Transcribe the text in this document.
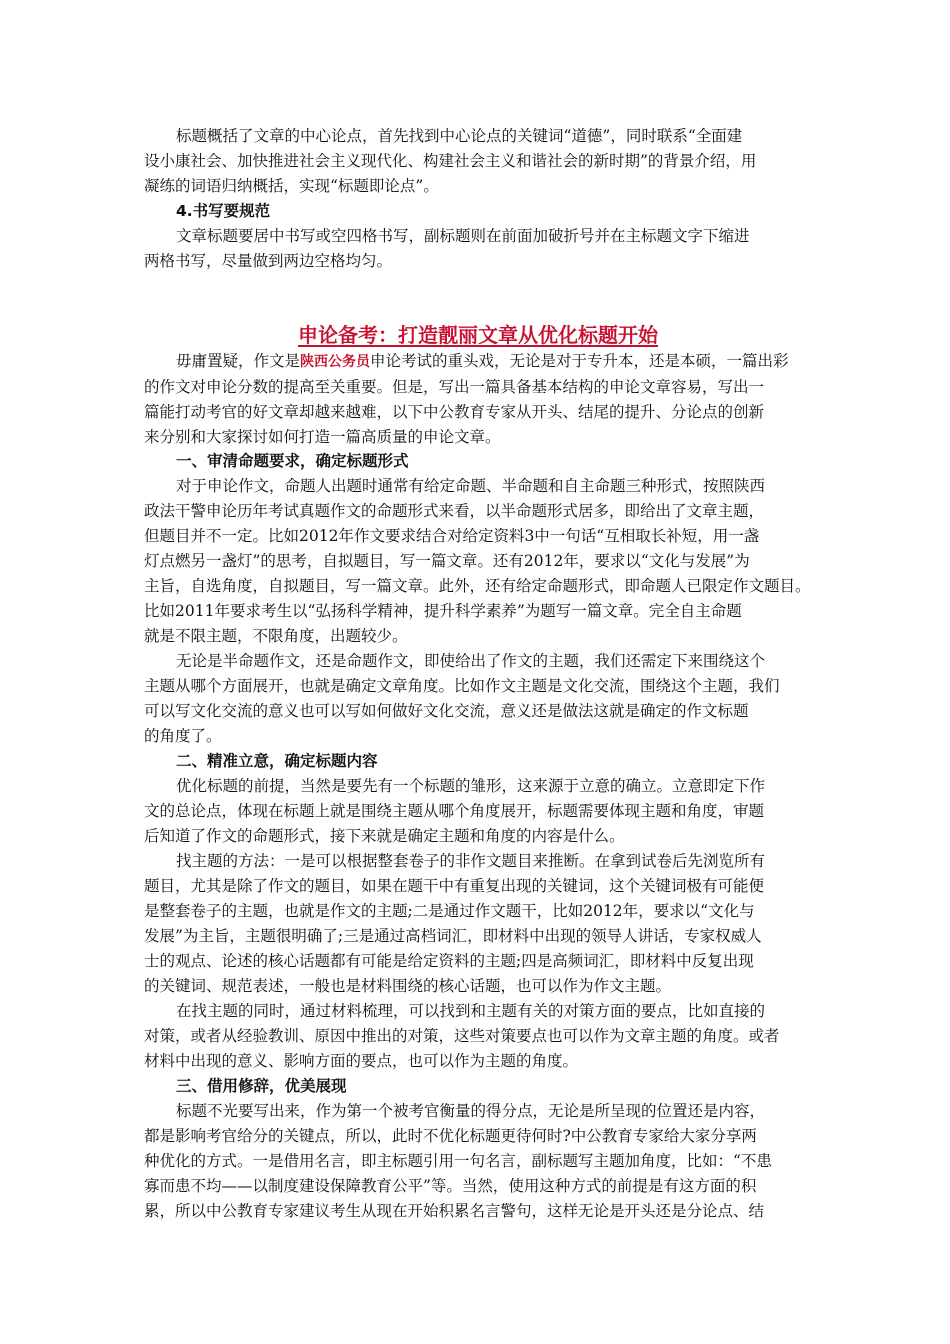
标题概括了文章的中心论点，首先找到中心论点的关键词“道德”，同时联系“全面建
设小康社会、加快推进社会主义现代化、构建社会主义和谐社会的新时期”的背景介绍，用
凝练的词语归纳概括，实现“标题即论点”。
4.书写要规范
文章标题要居中书写或空四格书写，副标题则在前面加破折号并在主标题文字下缩进
两格书写，尽量做到两边空格均匀。
申论备考：打造靓丽文章从优化标题开始
毋庸置疑，作文是陕西公务员申论考试的重头戏，无论是对于专升本，还是本硕，一篇出彩
的作文对申论分数的提高至关重要。但是，写出一篇具备基本结构的申论文章容易，写出一
篇能打动考官的好文章却越来越难，以下中公教育专家从开头、结尾的提升、分论点的创新
来分别和大家探讨如何打造一篇高质量的申论文章。
一、审清命题要求，确定标题形式
对于申论作文，命题人出题时通常有给定命题、半命题和自主命题三种形式，按照陕西
政法干警申论历年考试真题作文的命题形式来看，以半命题形式居多，即给出了文章主题，
但题目并不一定。比如2012年作文要求结合对给定资料3中一句话“互相取长补短，用一盏
灯点燃另一盏灯”的思考，自拟题目，写一篇文章。还有2012年，要求以“文化与发展”为
主旨，自选角度，自拟题目，写一篇文章。此外，还有给定命题形式，即命题人已限定作文题目。
比如2011年要求考生以“弘扬科学精神，提升科学素养”为题写一篇文章。完全自主命题
就是不限主题，不限角度，出题较少。
无论是半命题作文，还是命题作文，即使给出了作文的主题，我们还需定下来围绕这个
主题从哪个方面展开，也就是确定文章角度。比如作文主题是文化交流，围绕这个主题，我们
可以写文化交流的意义也可以写如何做好文化交流，意义还是做法这就是确定的作文标题
的角度了。
二、精准立意，确定标题内容
优化标题的前提，当然是要先有一个标题的雏形，这来源于立意的确立。立意即定下作
文的总论点，体现在标题上就是围绕主题从哪个角度展开，标题需要体现主题和角度，审题
后知道了作文的命题形式，接下来就是确定主题和角度的内容是什么。
找主题的方法：一是可以根据整套卷子的非作文题目来推断。在拿到试卷后先浏览所有
题目，尤其是除了作文的题目，如果在题干中有重复出现的关键词，这个关键词极有可能便
是整套卷子的主题，也就是作文的主题;二是通过作文题干，比如2012年，要求以“文化与
发展”为主旨，主题很明确了;三是通过高档词汇，即材料中出现的领导人讲话，专家权威人
士的观点、论述的核心话题都有可能是给定资料的主题;四是高频词汇，即材料中反复出现
的关键词、规范表述，一般也是材料围绕的核心话题，也可以作为作文主题。
在找主题的同时，通过材料梳理，可以找到和主题有关的对策方面的要点，比如直接的
对策，或者从经验教训、原因中推出的对策，这些对策要点也可以作为文章主题的角度。或者
材料中出现的意义、影响方面的要点，也可以作为主题的角度。
三、借用修辞，优美展现
标题不光要写出来，作为第一个被考官衡量的得分点，无论是所呈现的位置还是内容，
都是影响考官给分的关键点，所以，此时不优化标题更待何时?中公教育专家给大家分享两
种优化的方式。一是借用名言，即主标题引用一句名言，副标题写主题加角度，比如：“不患
寡而患不均——以制度建设保障教育公平”等。当然，使用这种方式的前提是有这方面的积
累，所以中公教育专家建议考生从现在开始积累名言警句，这样无论是开头还是分论点、结
